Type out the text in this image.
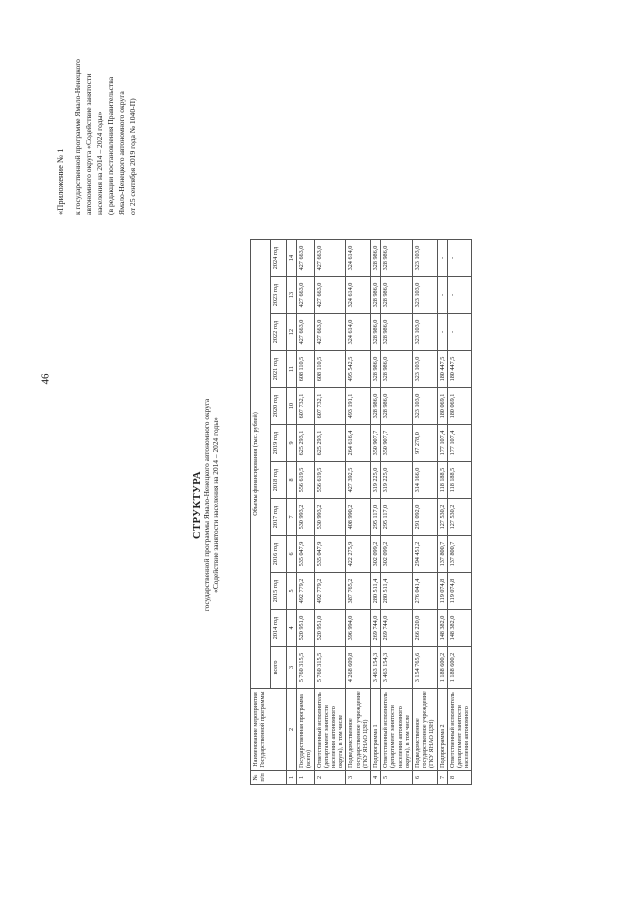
46
«Приложение № 1 к государственной программе Ямало-Ненецкого автономного округа «Содействие занятости населения на 2014 – 2024 годы» (в редакции постановления Правительства Ямало-Ненецкого автономного округа от 25 сентября 2019 года № 1040-П)
СТРУКТУРА государственной программы Ямало-Ненецкого автономного округа «Содействие занятости населения на 2014 – 2024 годы»
№ п/п	Наименование мероприятия Государственной программы	Объемы финансирования (тыс. рублей)											
		всего	2014 год	2015 год	2016 год	2017 год	2018 год	2019 год	2020 год	2021 год	2022 год	2023 год	2024 год
1	2	3	4	5	6	7	8	9	10	11	12	13	14
1	Государственная программа (всего)	5 760 315,5	520 951,0	492 779,2	535 047,9	530 993,2	556 619,5	625 293,1	607 732,1	608 110,5	427 663,0	427 663,0	427 663,0
2	Ответственный исполнитель (департамент занятости населения автономного округа), в том числе	5 760 315,5	520 951,0	492 779,2	535 047,9	530 993,2	556 619,5	625 293,1	607 732,1	608 110,5	427 663,0	427 663,0	427 663,0
3	Подведомственное государственное учреждение (ГКУ ЯНАО ЦЗН)	4 268 609,8	396 994,0	387 765,2	422 275,9	408 990,2	427 392,5	264 616,4	493 191,1	495 542,5	324 614,0	324 614,0	324 614,0
4	Подпрограмма 1	3 463 154,3	269 744,0	280 511,4	302 099,2	295 117,0	319 225,0	350 907,7	328 986,0	328 986,0	328 986,0	328 986,0	328 986,0
5	Ответственный исполнитель (департамент занятости населения автономного округа), в том числе	3 463 154,3	269 744,0	280 511,4	302 099,2	295 117,0	319 225,0	350 907,7	328 986,0	328 986,0	328 986,0	328 986,0	328 986,0
6	Подведомственное государственное учреждение (ГКУ ЯНАО ЦЗН)	3 154 765,6	266 220,0	276 041,4	294 451,2	291 092,0	314 166,0	97 278,0	323 103,0	323 103,0	323 103,0	323 103,0	323 103,0
7	Подпрограмма 2	1 188 600,2	148 382,0	119 074,8	137 800,7	127 530,2	118 188,5	177 107,4	180 069,1	180 447,5	-	-	-
8	Ответственный исполнитель (департамент занятости населения автономного	1 188 600,2	148 382,0	119 074,8	137 800,7	127 530,2	118 188,5	177 107,4	180 069,1	180 447,5	-	-	-
